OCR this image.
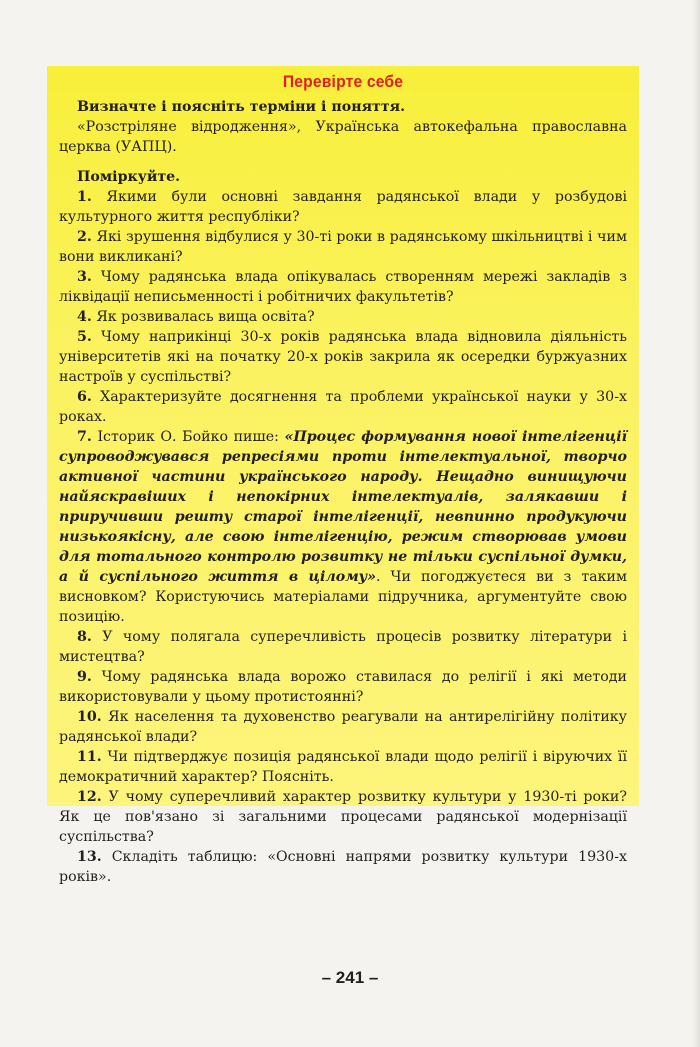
Перевірте себе

Визначте і поясніть терміни і поняття.

«Розстріляне відродження», Українська автокефальна православна церква (УАПЦ).

Поміркуйте.

1. Якими були основні завдання радянської влади у розбудові культурного життя республіки?

2. Які зрушення відбулися у 30-ті роки в радянському шкільництві і чим вони викликані?

3. Чому радянська влада опікувалась створенням мережі закладів з ліквідації неписьменності і робітничих факультетів?

4. Як розвивалась вища освіта?

5. Чому наприкінці 30-х років радянська влада відновила діяльність університетів які на початку 20-х років закрила як осередки буржуазних настроїв у суспільстві?

6. Характеризуйте досягнення та проблеми української науки у 30-х роках.

7. Історик О. Бойко пише: «Процес формування нової інтелігенції супроводжувався репресіями проти інтелектуальної, творчо активної частини українського народу. Нещадно винищуючи найяскравіших і непокірних інтелектуалів, залякавши і приручивши решту старої інтелігенції, невпинно продукуючи низькоякісну, але свою інтелігенцію, режим створював умови для тотального контролю розвитку не тільки суспільної думки, а й суспільного життя в цілому». Чи погоджуєтеся ви з таким висновком? Користуючись матеріалами підручника, аргументуйте свою позицію.

8. У чому полягала суперечливість процесів розвитку літератури і мистецтва?

9. Чому радянська влада ворожо ставилася до релігії і які методи використовували у цьому протистоянні?

10. Як населення та духовенство реагували на антирелігійну політику радянської влади?

11. Чи підтверджує позиція радянської влади щодо релігії і віруючих її демократичний характер? Поясніть.

12. У чому суперечливий характер розвитку культури у 1930-ті роки? Як це пов'язано зі загальними процесами радянської модернізації суспільства?

13. Складіть таблицю: «Основні напрями розвитку культури 1930-х років».

– 241 –
